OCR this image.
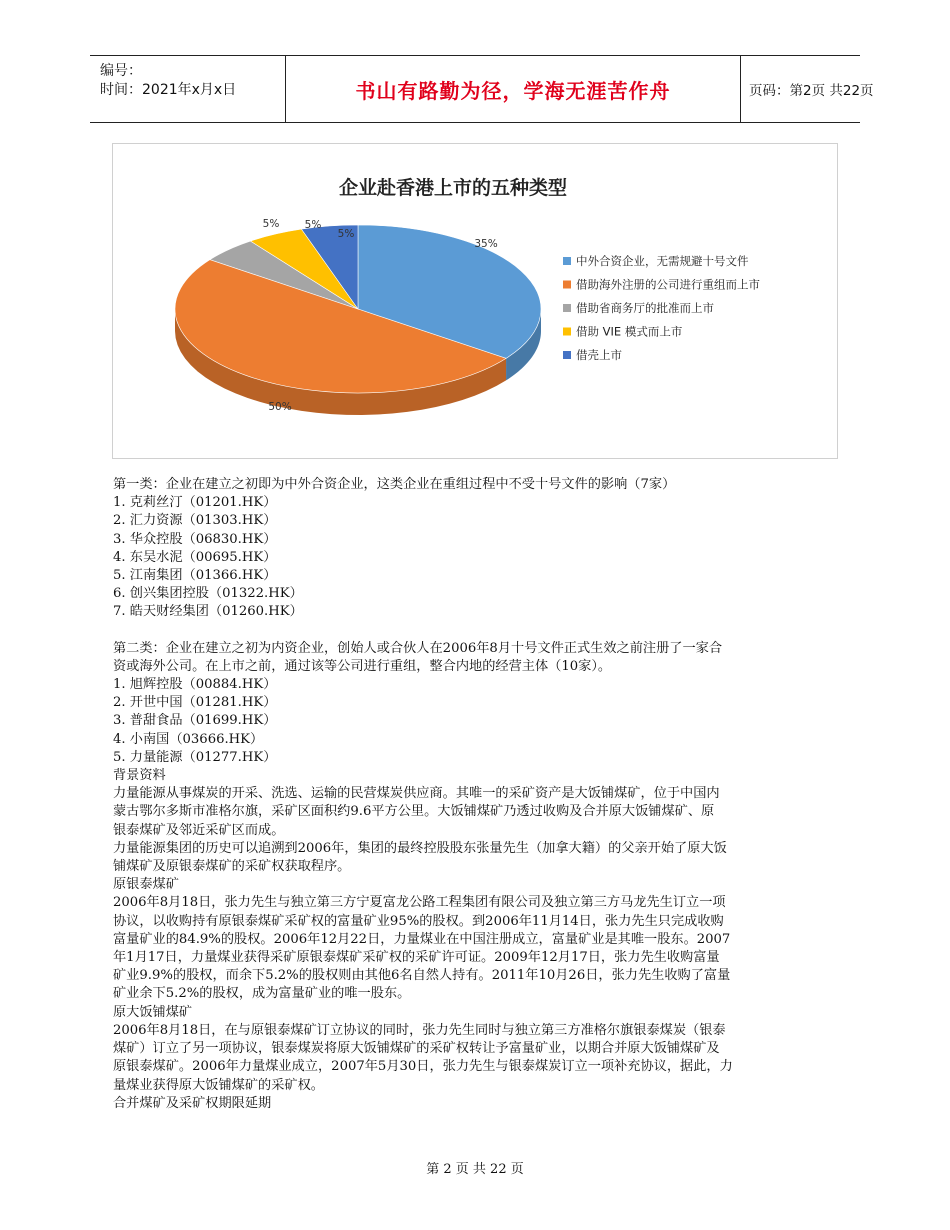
编号：
时间：2021年x月x日	书山有路勤为径，学海无涯苦作舟	页码：第2页 共22页
企业赴香港上市的五种类型
35%
50%
5% 5%
5%
中外合资企业，无需规避十号文件
借助海外注册的公司进行重组而上市
借助省商务厅的批准而上市
借助 VIE 模式而上市
借壳上市

第一类：企业在建立之初即为中外合资企业，这类企业在重组过程中不受十号文件的影响（7家）

1. 克莉丝汀（01201.HK）

2. 汇力资源（01303.HK）

3. 华众控股（06830.HK）

4. 东吴水泥（00695.HK）

5. 江南集团（01366.HK）

6. 创兴集团控股（01322.HK）

7. 皓天财经集团（01260.HK）

第二类：企业在建立之初为内资企业，创始人或合伙人在2006年8月十号文件正式生效之前注册了一家合

资或海外公司。在上市之前，通过该等公司进行重组，整合内地的经营主体（10家）。

1. 旭辉控股（00884.HK）

2. 开世中国（01281.HK）

3. 普甜食品（01699.HK）

4. 小南国（03666.HK）

5. 力量能源（01277.HK）

背景资料

力量能源从事煤炭的开采、洗选、运输的民营煤炭供应商。其唯一的采矿资产是大饭铺煤矿，位于中国内

蒙古鄂尔多斯市准格尔旗，采矿区面积约9.6平方公里。大饭铺煤矿乃透过收购及合并原大饭铺煤矿、原

银泰煤矿及邻近采矿区而成。

力量能源集团的历史可以追溯到2006年，集团的最终控股股东张量先生（加拿大籍）的父亲开始了原大饭

铺煤矿及原银泰煤矿的采矿权获取程序。

原银泰煤矿

2006年8月18日，张力先生与独立第三方宁夏富龙公路工程集团有限公司及独立第三方马龙先生订立一项

协议，以收购持有原银泰煤矿采矿权的富量矿业95%的股权。到2006年11月14日，张力先生只完成收购

富量矿业的84.9%的股权。2006年12月22日，力量煤业在中国注册成立，富量矿业是其唯一股东。2007

年1月17日，力量煤业获得采矿原银泰煤矿采矿权的采矿许可证。2009年12月17日，张力先生收购富量

矿业9.9%的股权，而余下5.2%的股权则由其他6名自然人持有。2011年10月26日，张力先生收购了富量

矿业余下5.2%的股权，成为富量矿业的唯一股东。

原大饭铺煤矿

2006年8月18日，在与原银泰煤矿订立协议的同时，张力先生同时与独立第三方准格尔旗银泰煤炭（银泰

煤矿）订立了另一项协议，银泰煤炭将原大饭铺煤矿的采矿权转让予富量矿业，以期合并原大饭铺煤矿及

原银泰煤矿。2006年力量煤业成立，2007年5月30日，张力先生与银泰煤炭订立一项补充协议，据此，力

量煤业获得原大饭铺煤矿的采矿权。

合并煤矿及采矿权期限延期

第 2 页 共 22 页
